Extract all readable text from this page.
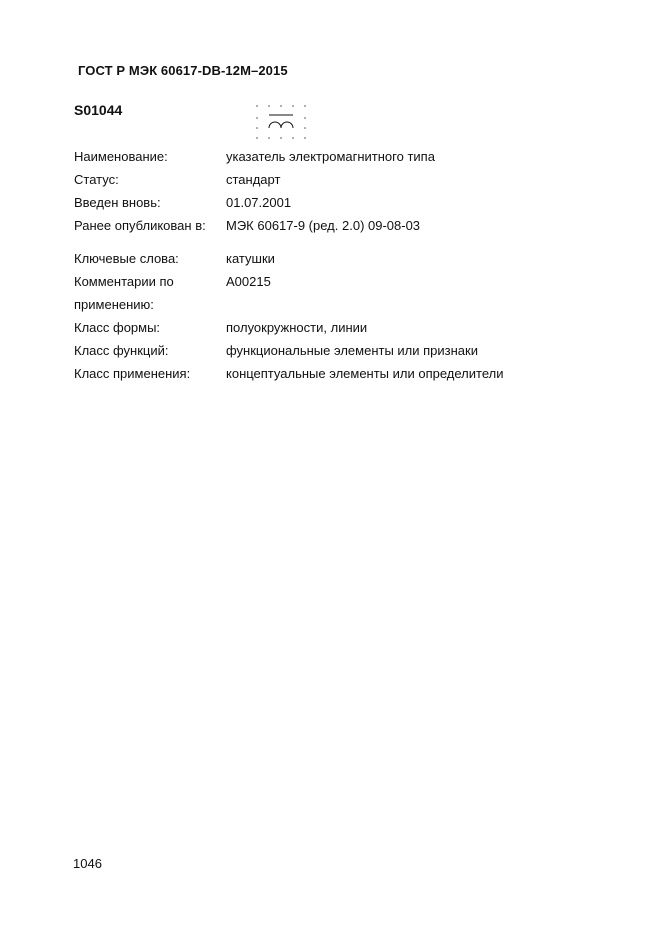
ГОСТ Р МЭК 60617-DB-12M–2015
S01044
Наименование:	указатель электромагнитного типа
Статус:	стандарт
Введен вновь:	01.07.2001
Ранее опубликован в: МЭК 60617-9 (ред. 2.0) 09-08-03
Ключевые слова:	катушки
Комментарии по	A00215
применению:
Класс формы:	полуокружности, линии
Класс функций:	функциональные элементы или признаки
Класс применения:	концептуальные элементы или определители
1046
